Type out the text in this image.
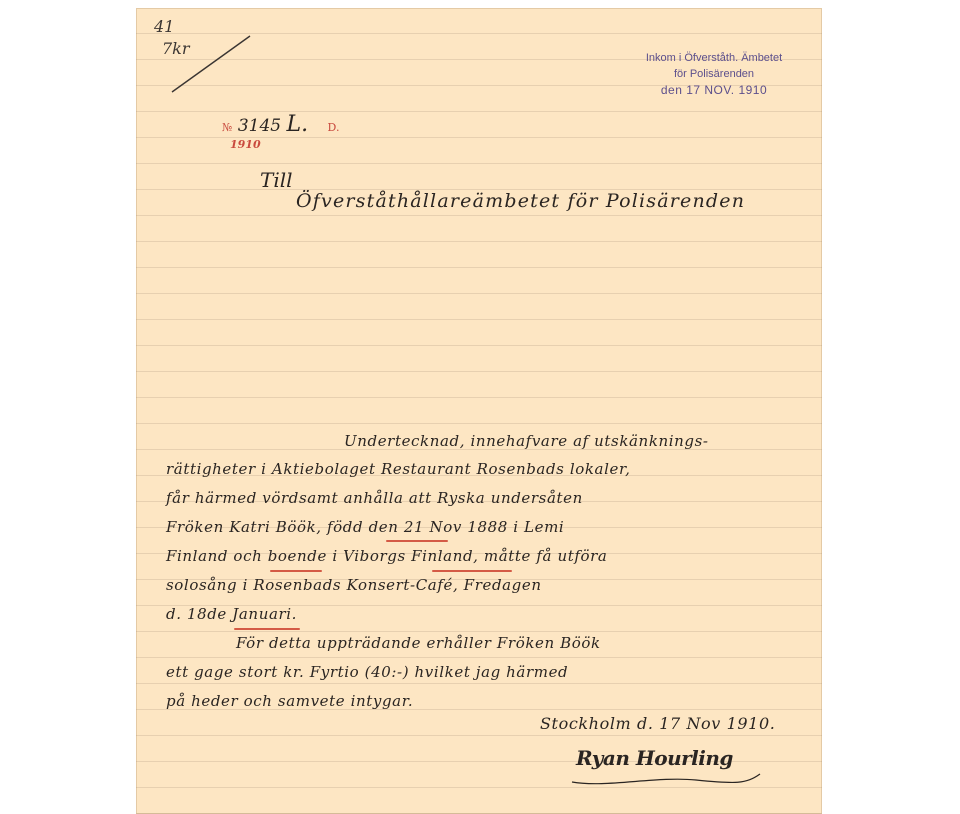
41
7kr	Inkom i Öfverståth. Ämbetet
för Polisärenden
den 17 NOV. 1910
№ 3145 L. D.
1910
Till
Öfverståthållareämbetet för Polisärenden
Undertecknad, innehafvare af utskänknings-
rättigheter i Aktiebolaget Restaurant Rosenbads lokaler,
får härmed vördsamt anhålla att Ryska undersåten
Fröken Katri Böök, född den 21 Nov 1888 i Lemi
Finland och boende i Viborgs Finland, måtte få utföra
solosång i Rosenbads Konsert-Café, Fredagen
d. 18de Januari.
För detta uppträdande erhåller Fröken Böök
ett gage stort kr. Fyrtio (40:-) hvilket jag härmed
på heder och samvete intygar.
Stockholm d. 17 Nov 1910.
Ryan Hourling
